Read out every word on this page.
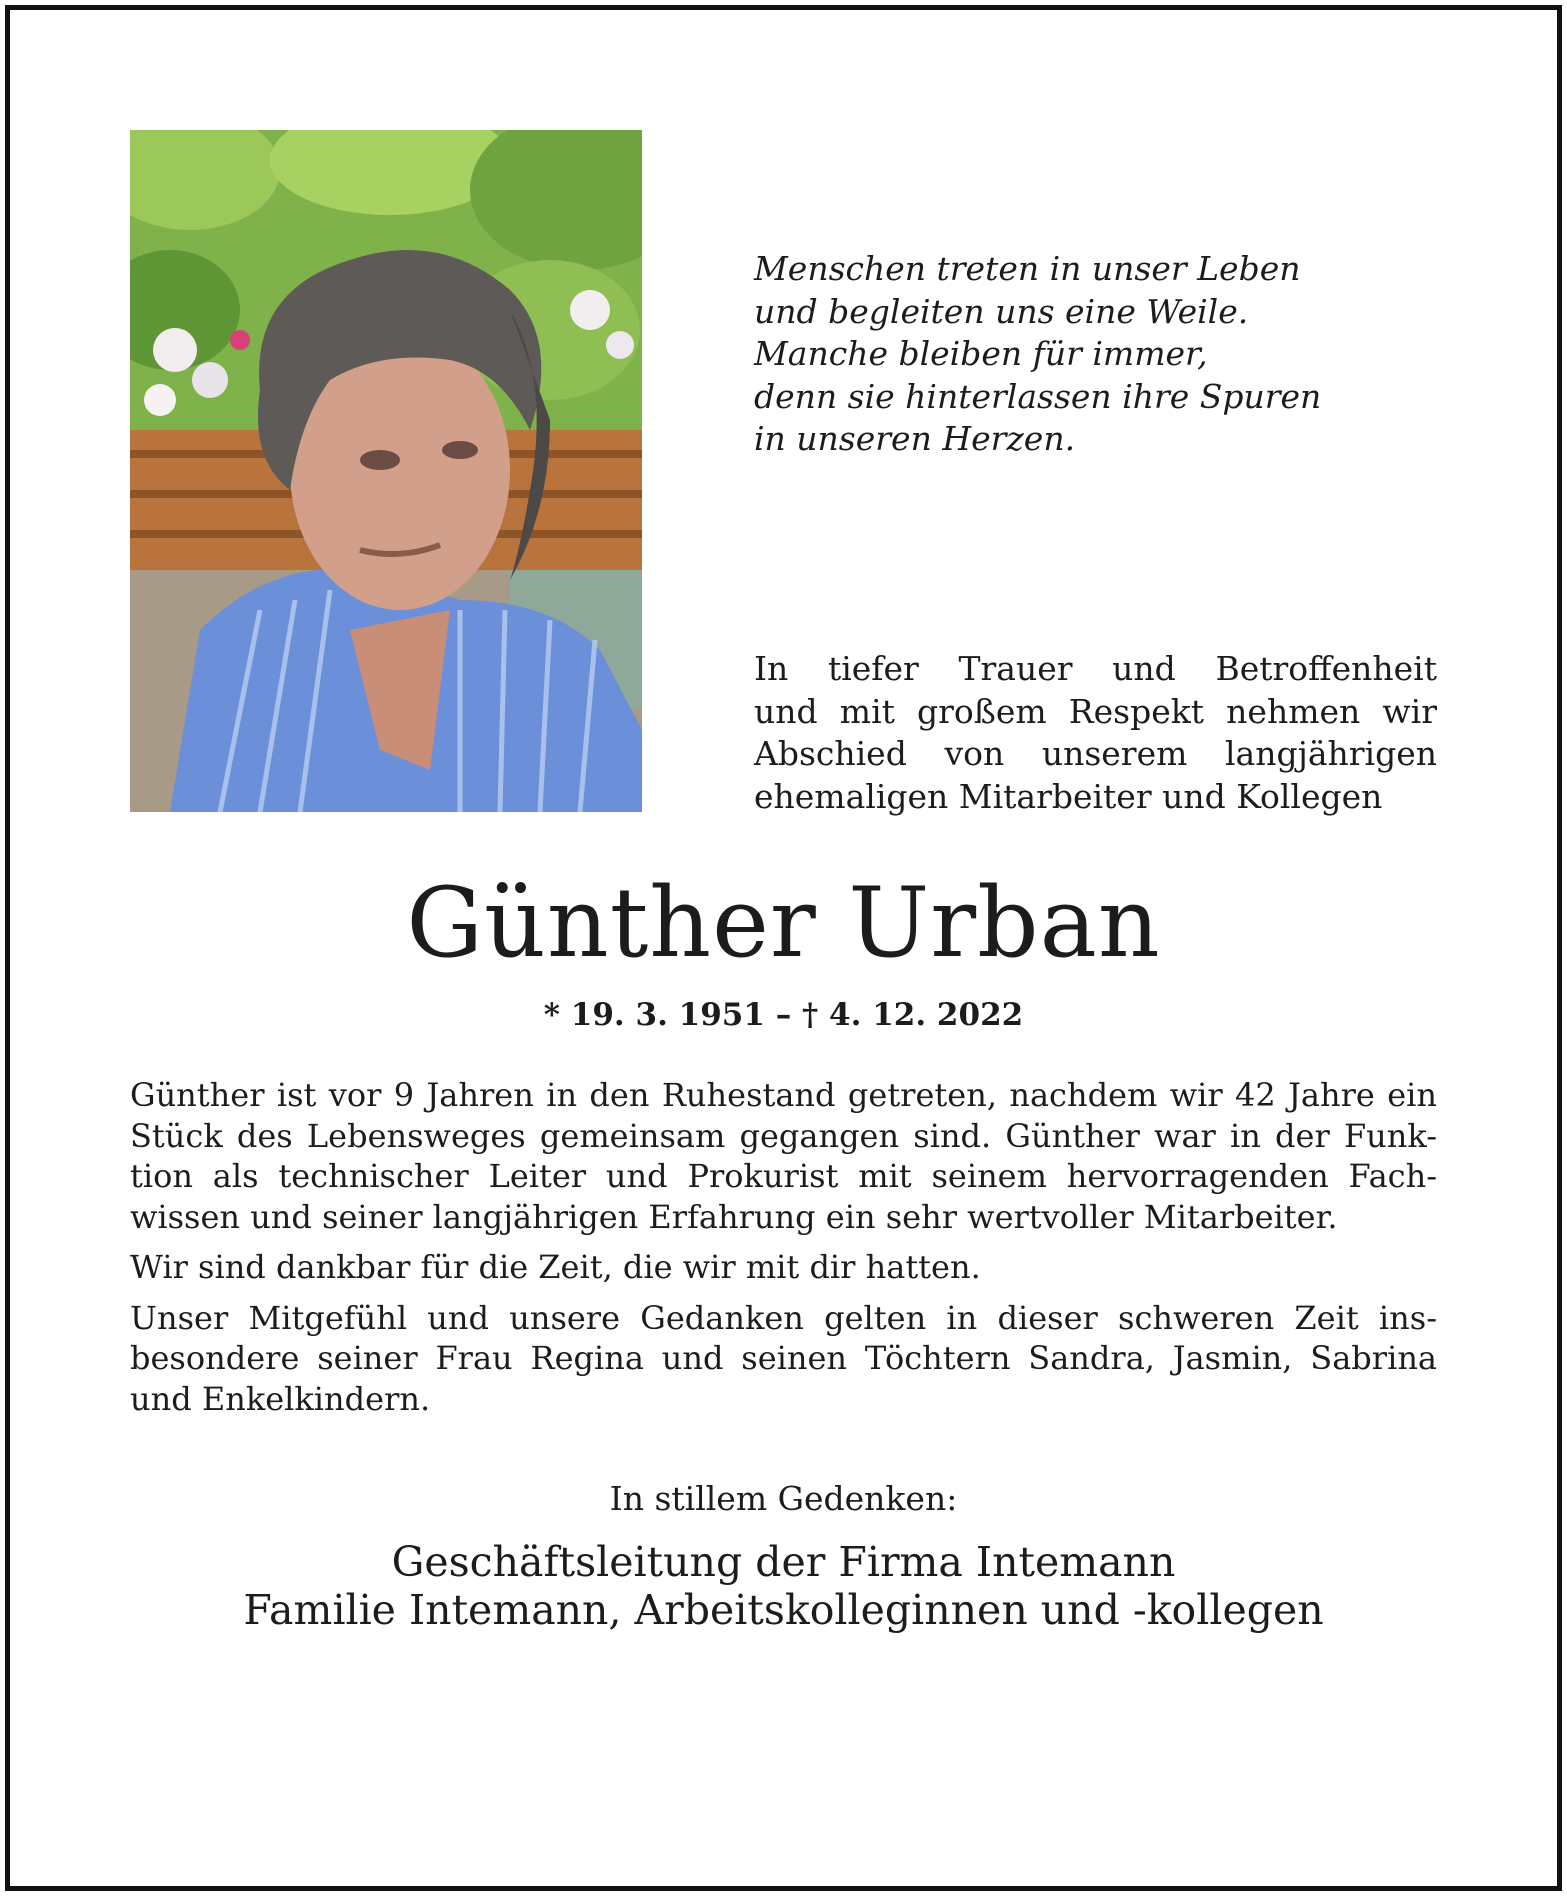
Menschen treten in unser Leben
und begleiten uns eine Weile.
Manche bleiben für immer,
denn sie hinterlassen ihre Spuren
in unseren Herzen.
In tiefer Trauer und Betroffenheit
und mit großem Respekt nehmen wir
Abschied von unserem langjährigen
ehemaligen Mitarbeiter und Kollegen
Günther Urban
* 19. 3. 1951 – † 4. 12. 2022
Günther ist vor 9 Jahren in den Ruhestand getreten, nachdem wir 42 Jahre ein
Stück des Lebensweges gemeinsam gegangen sind. Günther war in der Funk-
tion als technischer Leiter und Prokurist mit seinem hervorragenden Fach-
wissen und seiner langjährigen Erfahrung ein sehr wertvoller Mitarbeiter.
Wir sind dankbar für die Zeit, die wir mit dir hatten.
Unser Mitgefühl und unsere Gedanken gelten in dieser schweren Zeit ins-
besondere seiner Frau Regina und seinen Töchtern Sandra, Jasmin, Sabrina
und Enkelkindern.
In stillem Gedenken:
Geschäftsleitung der Firma Intemann
Familie Intemann, Arbeitskolleginnen und -kollegen
